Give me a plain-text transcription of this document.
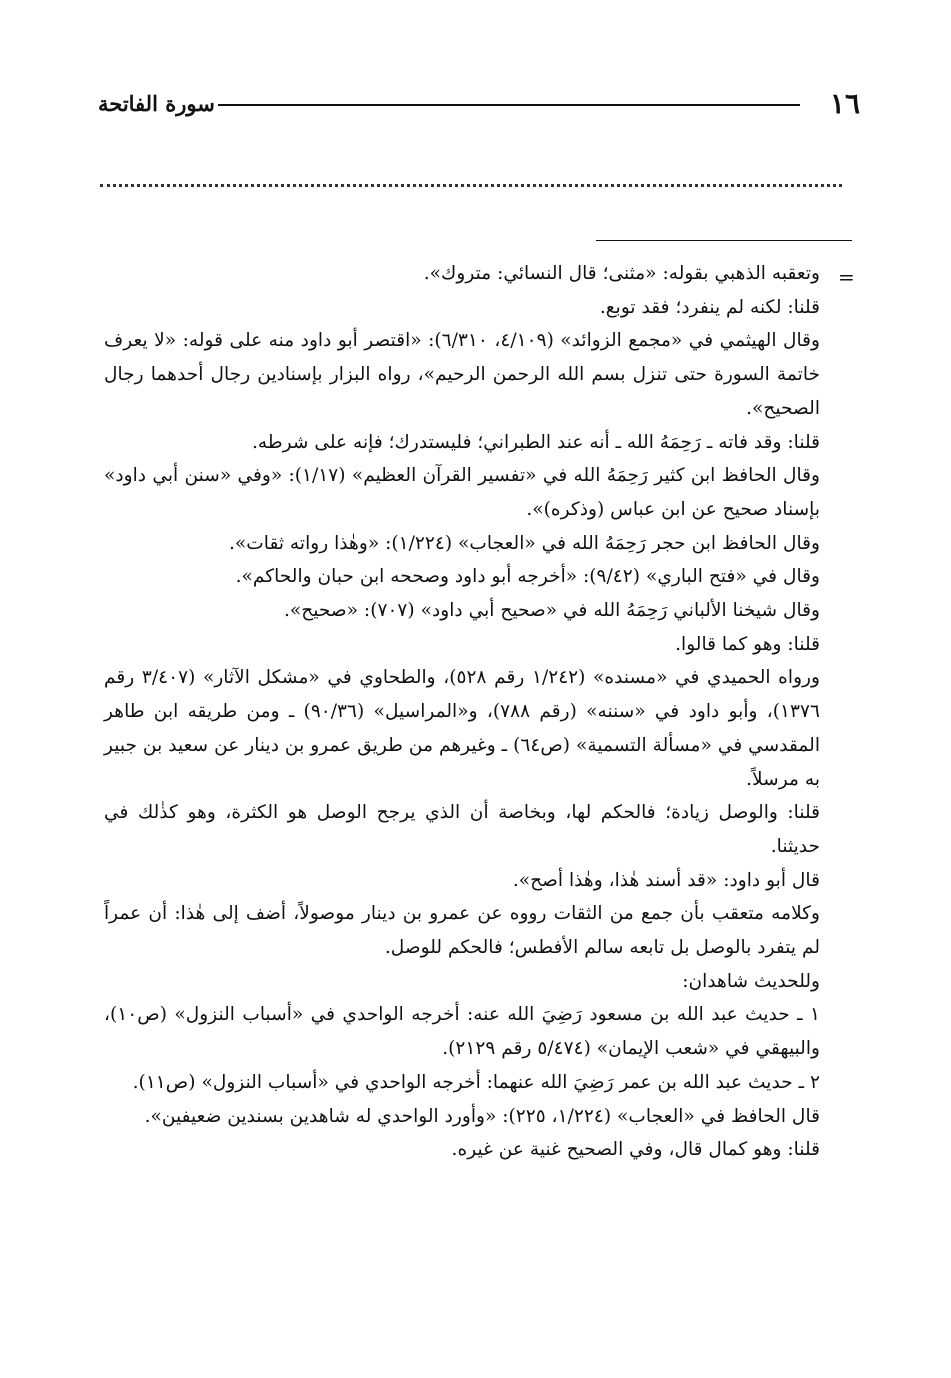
١٦
سورة الفاتحة
=

وتعقبه الذهبي بقوله: «مثنى؛ قال النسائي: متروك».

قلنا: لكنه لم ينفرد؛ فقد توبع.

وقال الهيثمي في «مجمع الزوائد» (٤/١٠٩، ٦/٣١٠): «اقتصر أبو داود منه على قوله: «لا يعرف خاتمة السورة حتى تنزل بسم الله الرحمن الرحيم»، رواه البزار بإسنادين رجال أحدهما رجال الصحيح».

قلنا: وقد فاته ـ رَحِمَهُ الله ـ أنه عند الطبراني؛ فليستدرك؛ فإنه على شرطه.

وقال الحافظ ابن كثير رَحِمَهُ الله في «تفسير القرآن العظيم» (١/١٧): «وفي «سنن أبي داود» بإسناد صحيح عن ابن عباس (وذكره)».

وقال الحافظ ابن حجر رَحِمَهُ الله في «العجاب» (١/٢٢٤): «وهٰذا رواته ثقات».

وقال في «فتح الباري» (٩/٤٢): «أخرجه أبو داود وصححه ابن حبان والحاكم».

وقال شيخنا الألباني رَحِمَهُ الله في «صحيح أبي داود» (٧٠٧): «صحيح».

قلنا: وهو كما قالوا.

ورواه الحميدي في «مسنده» (١/٢٤٢ رقم ٥٢٨)، والطحاوي في «مشكل الآثار» (٣/٤٠٧ رقم ١٣٧٦)، وأبو داود في «سننه» (رقم ٧٨٨)، و«المراسيل» (٩٠/٣٦) ـ ومن طريقه ابن طاهر المقدسي في «مسألة التسمية» (ص٦٤) ـ وغيرهم من طريق عمرو بن دينار عن سعيد بن جبير به مرسلاً.

قلنا: والوصل زيادة؛ فالحكم لها، وبخاصة أن الذي يرجح الوصل هو الكثرة، وهو كذٰلك في حديثنا.

قال أبو داود: «قد أسند هٰذا، وهٰذا أصح».

وكلامه متعقب بأن جمع من الثقات رووه عن عمرو بن دينار موصولاً، أضف إلى هٰذا: أن عمراً لم يتفرد بالوصل بل تابعه سالم الأفطس؛ فالحكم للوصل.

وللحديث شاهدان:

١ ـ حديث عبد الله بن مسعود رَضِيَ الله عنه: أخرجه الواحدي في «أسباب النزول» (ص١٠)، والبيهقي في «شعب الإيمان» (٥/٤٧٤ رقم ٢١٢٩).

٢ ـ حديث عبد الله بن عمر رَضِيَ الله عنهما: أخرجه الواحدي في «أسباب النزول» (ص١١).

قال الحافظ في «العجاب» (١/٢٢٤، ٢٢٥): «وأورد الواحدي له شاهدين بسندين ضعيفين».

قلنا: وهو كمال قال، وفي الصحيح غنية عن غيره.
